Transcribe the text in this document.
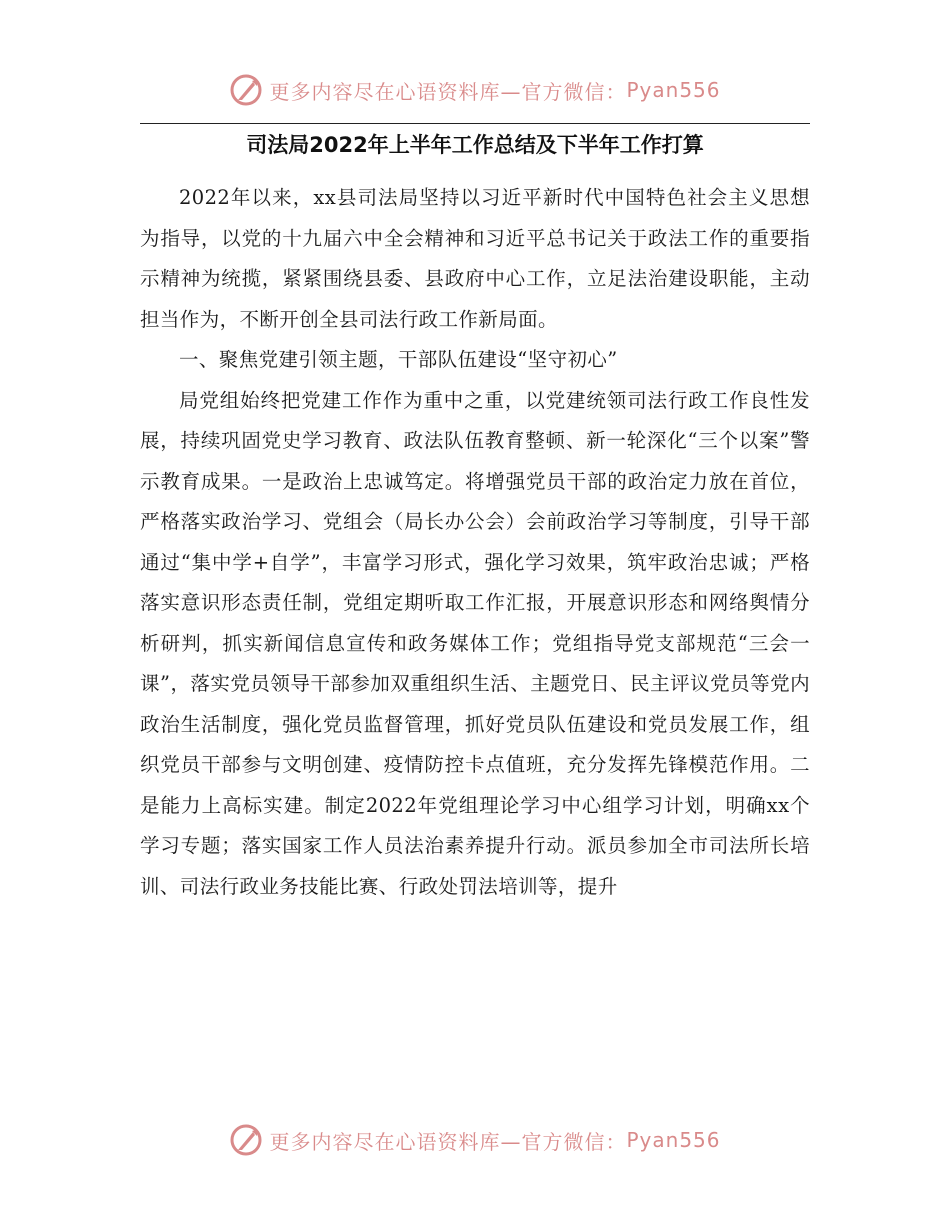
更多内容尽在心语资料库—官方微信： Pyan556
司法局2022年上半年工作总结及下半年工作打算

2022年以来，xx县司法局坚持以习近平新时代中国特色社会主义思想为指导，以党的十九届六中全会精神和习近平总书记关于政法工作的重要指示精神为统揽，紧紧围绕县委、县政府中心工作，立足法治建设职能，主动担当作为，不断开创全县司法行政工作新局面。

一、聚焦党建引领主题，干部队伍建设“坚守初心”

局党组始终把党建工作作为重中之重，以党建统领司法行政工作良性发展，持续巩固党史学习教育、政法队伍教育整顿、新一轮深化“三个以案”警示教育成果。一是政治上忠诚笃定。将增强党员干部的政治定力放在首位，严格落实政治学习、党组会（局长办公会）会前政治学习等制度，引导干部通过“集中学+自学”，丰富学习形式，强化学习效果，筑牢政治忠诚；严格落实意识形态责任制，党组定期听取工作汇报，开展意识形态和网络舆情分析研判，抓实新闻信息宣传和政务媒体工作；党组指导党支部规范“三会一课”，落实党员领导干部参加双重组织生活、主题党日、民主评议党员等党内政治生活制度，强化党员监督管理，抓好党员队伍建设和党员发展工作，组织党员干部参与文明创建、疫情防控卡点值班，充分发挥先锋模范作用。二是能力上高标实建。制定2022年党组理论学习中心组学习计划，明确xx个学习专题；落实国家工作人员法治素养提升行动。派员参加全市司法所长培训、司法行政业务技能比赛、行政处罚法培训等，提升

更多内容尽在心语资料库—官方微信： Pyan556
